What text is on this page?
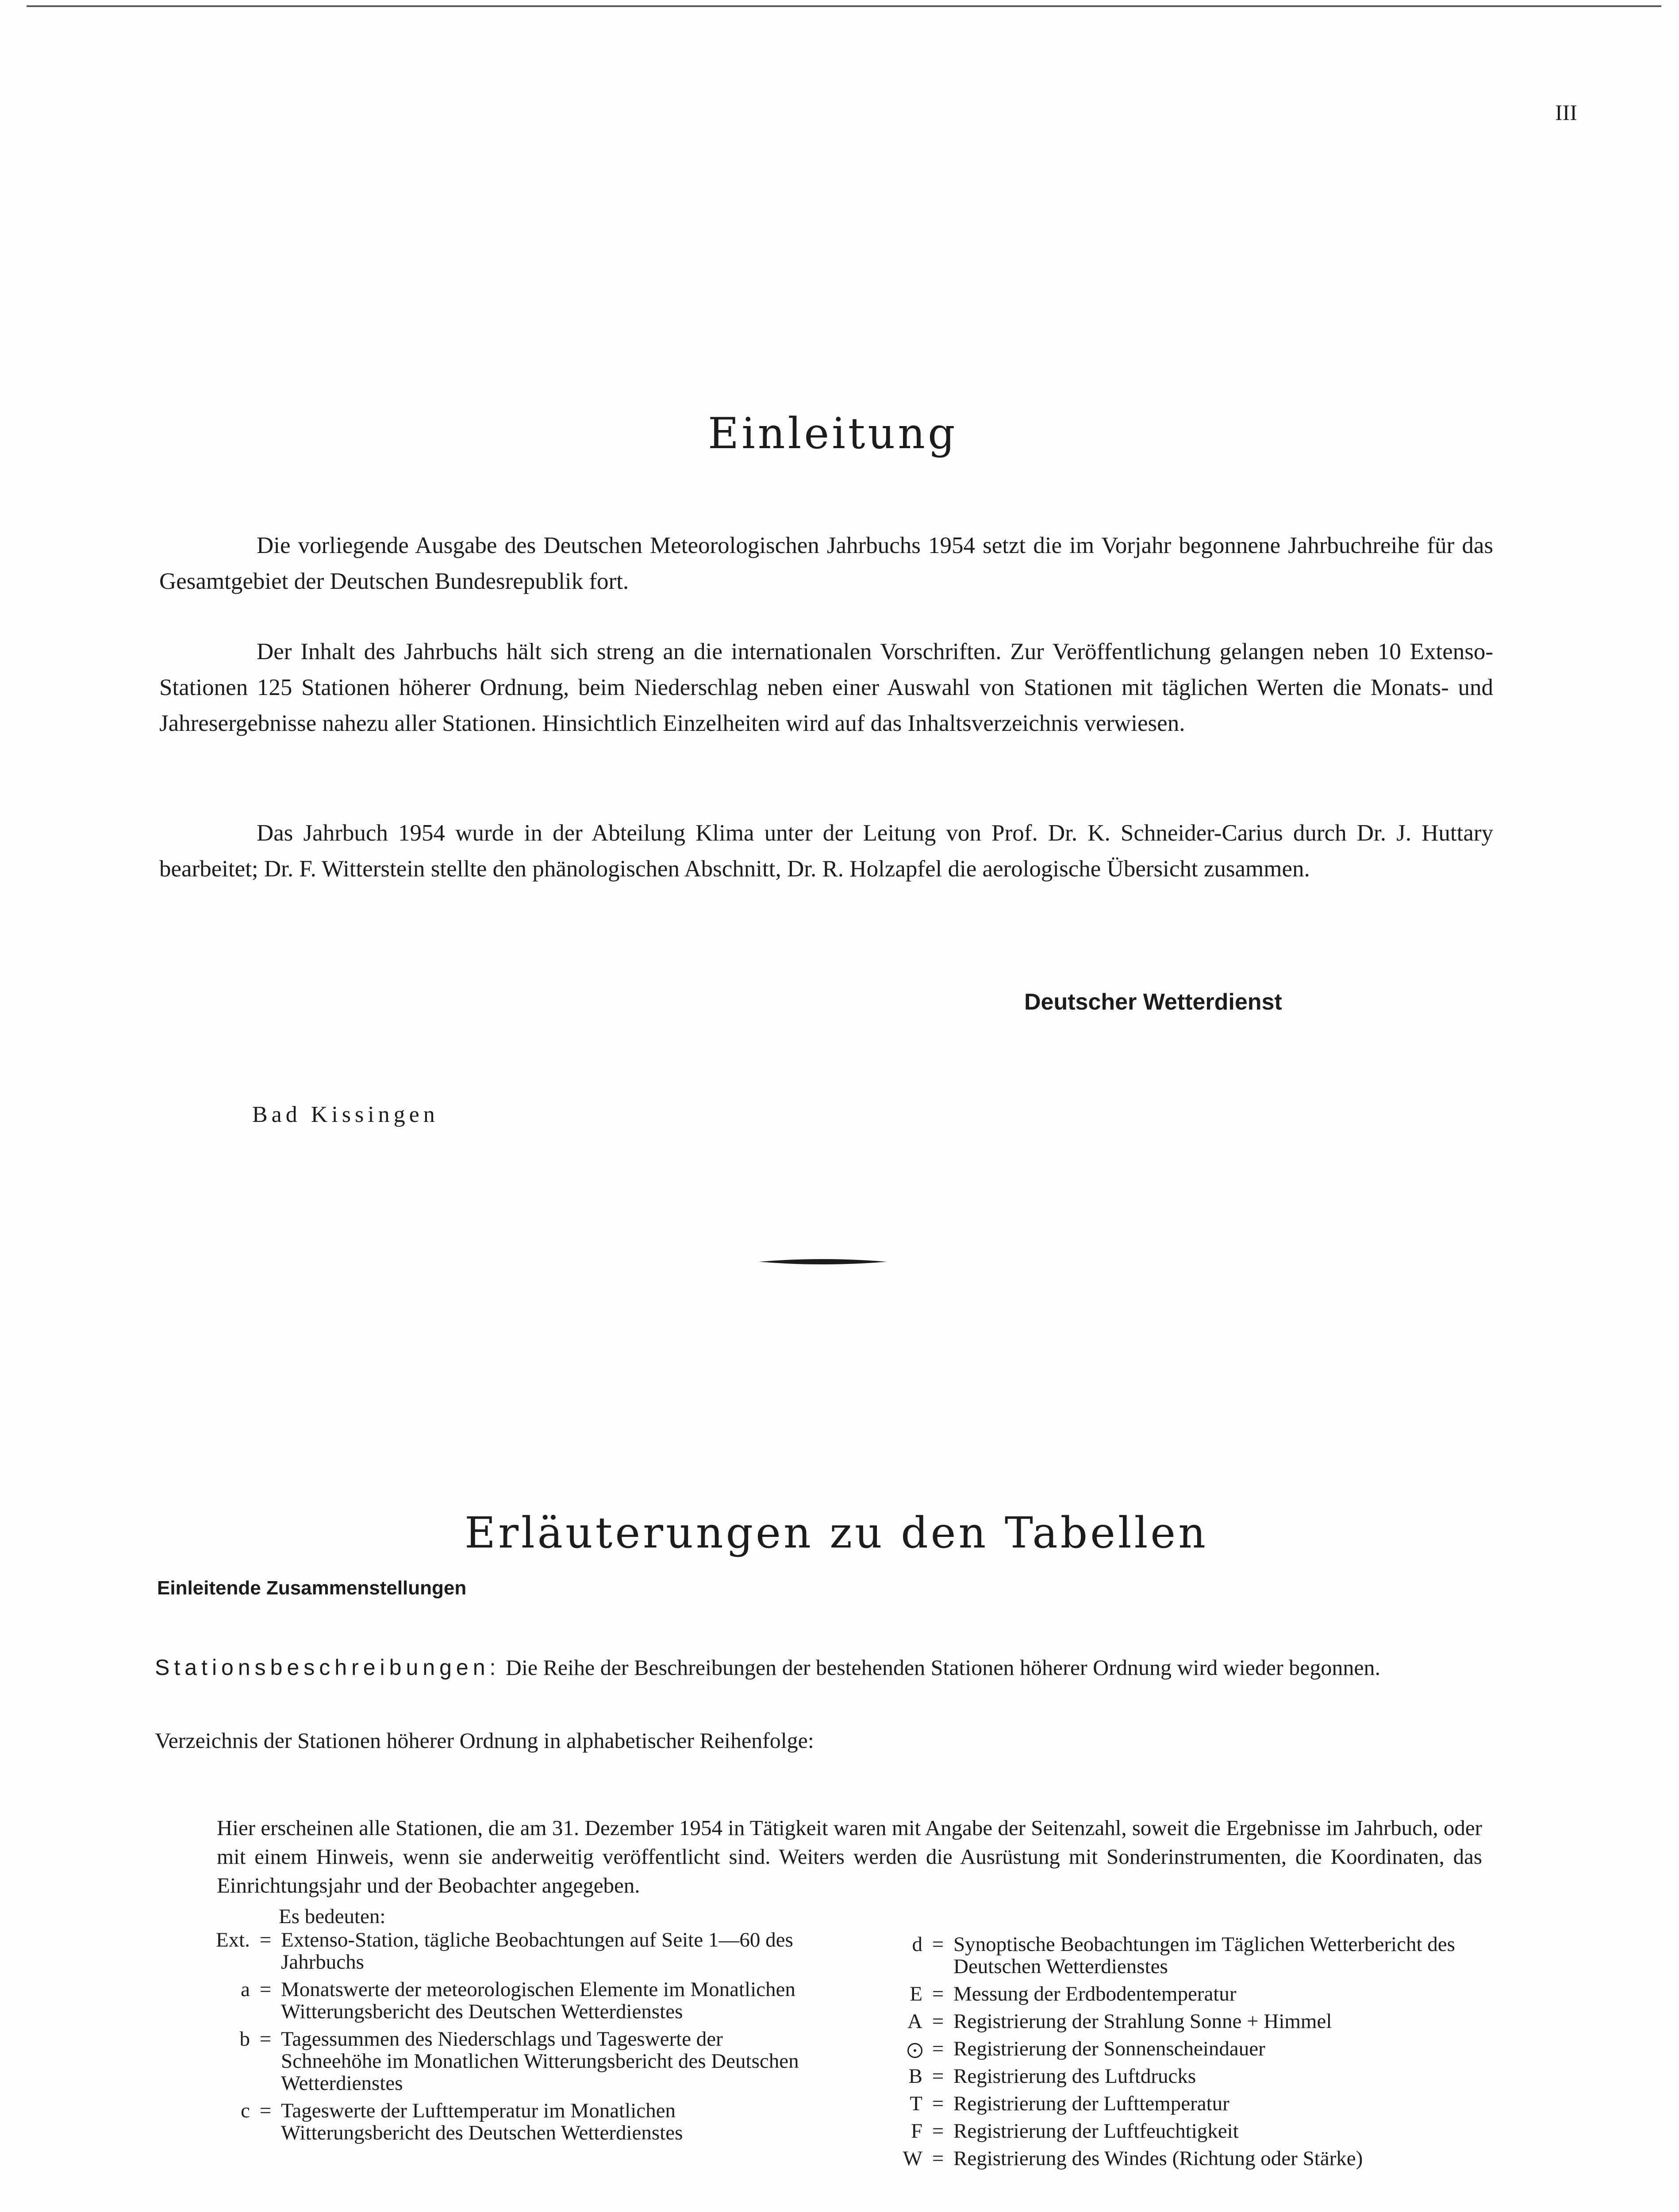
III
Einleitung

Die vorliegende Ausgabe des Deutschen Meteorologischen Jahrbuchs 1954 setzt die im Vorjahr begonnene Jahrbuchreihe für das Gesamtgebiet der Deutschen Bundesrepublik fort.

Der Inhalt des Jahrbuchs hält sich streng an die internationalen Vorschriften. Zur Veröffentlichung gelangen neben 10 Extenso-Stationen 125 Stationen höherer Ordnung, beim Niederschlag neben einer Auswahl von Stationen mit täglichen Werten die Monats- und Jahresergebnisse nahezu aller Stationen. Hinsichtlich Einzelheiten wird auf das Inhaltsverzeichnis verwiesen.

Das Jahrbuch 1954 wurde in der Abteilung Klima unter der Leitung von Prof. Dr. K. Schneider-Carius durch Dr. J. Huttary bearbeitet; Dr. F. Witterstein stellte den phänologischen Abschnitt, Dr. R. Holzapfel die aerologische Übersicht zusammen.

Deutscher Wetterdienst
Bad Kissingen
Erläuterungen zu den Tabellen
Einleitende Zusammenstellungen
Stationsbeschreibungen: Die Reihe der Beschreibungen der bestehenden Stationen höherer Ordnung wird wieder begonnen.
Verzeichnis der Stationen höherer Ordnung in alphabetischer Reihenfolge:

Hier erscheinen alle Stationen, die am 31. Dezember 1954 in Tätigkeit waren mit Angabe der Seitenzahl, soweit die Ergebnisse im Jahrbuch, oder mit einem Hinweis, wenn sie anderweitig veröffentlicht sind. Weiters werden die Ausrüstung mit Sonderinstrumenten, die Koordinaten, das Einrichtungsjahr und der Beobachter angegeben.

Es bedeuten:
Ext. = Extenso-Station, tägliche Beobachtungen auf Seite 1—60 des Jahrbuchs
a = Monatswerte der meteorologischen Elemente im Monatlichen Witterungsbericht des Deutschen Wetterdienstes
b = Tagessummen des Niederschlags und Tageswerte der Schneehöhe im Monatlichen Witterungsbericht des Deutschen Wetterdienstes
c = Tageswerte der Lufttemperatur im Monatlichen Witterungsbericht des Deutschen Wetterdienstes
d = Synoptische Beobachtungen im Täglichen Wetterbericht des Deutschen Wetterdienstes
E = Messung der Erdbodentemperatur
A = Registrierung der Strahlung Sonne + Himmel
= Registrierung der Sonnenscheindauer
B = Registrierung des Luftdrucks
T = Registrierung der Lufttemperatur
F = Registrierung der Luftfeuchtigkeit
W = Registrierung des Windes (Richtung oder Stärke)
